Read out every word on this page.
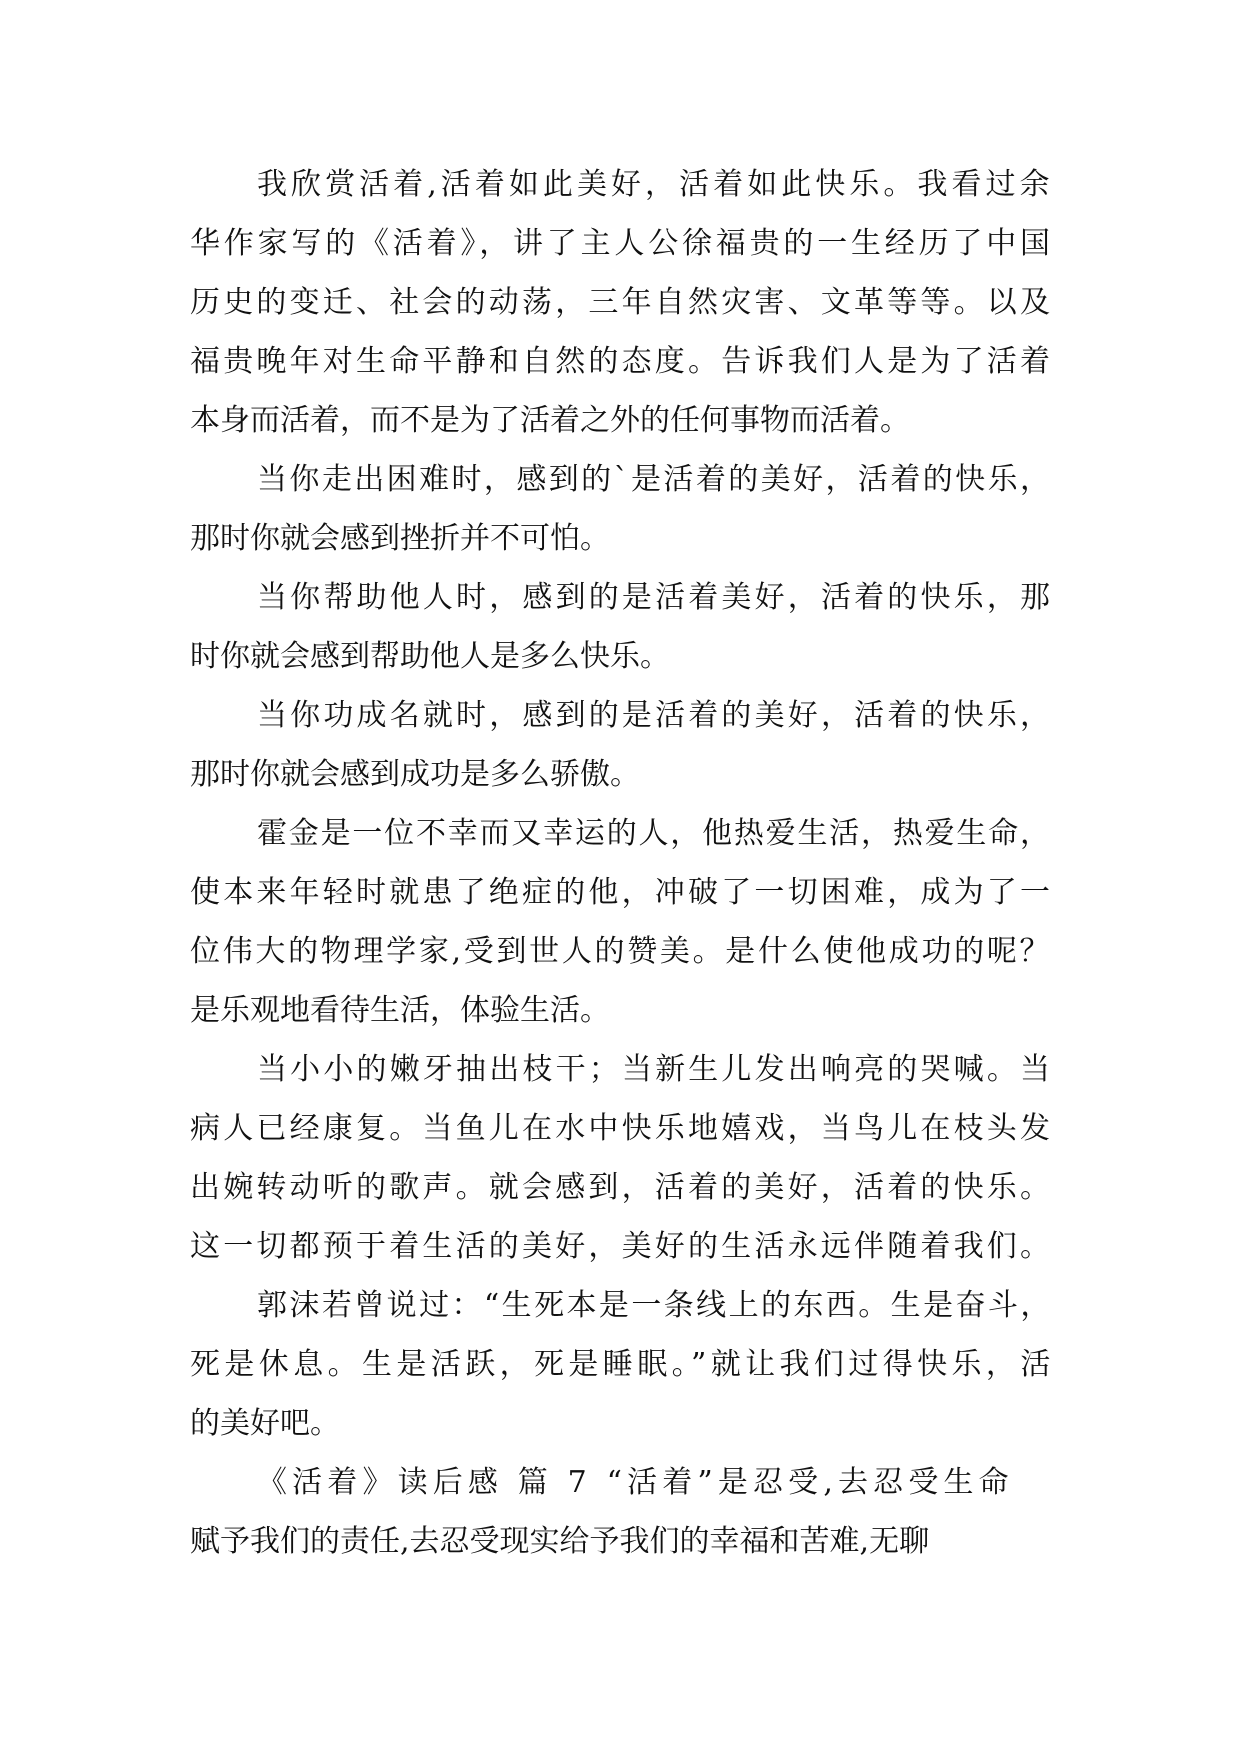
我欣赏活着,活着如此美好，活着如此快乐。我看过余
华作家写的《活着》，讲了主人公徐福贵的一生经历了中国
历史的变迁、社会的动荡，三年自然灾害、文革等等。以及
福贵晚年对生命平静和自然的态度。告诉我们人是为了活着
本身而活着，而不是为了活着之外的任何事物而活着。
当你走出困难时，感到的`是活着的美好，活着的快乐，
那时你就会感到挫折并不可怕。
当你帮助他人时，感到的是活着美好，活着的快乐，那
时你就会感到帮助他人是多么快乐。
当你功成名就时，感到的是活着的美好，活着的快乐，
那时你就会感到成功是多么骄傲。
霍金是一位不幸而又幸运的人，他热爱生活，热爱生命，
使本来年轻时就患了绝症的他，冲破了一切困难，成为了一
位伟大的物理学家,受到世人的赞美。是什么使他成功的呢？
是乐观地看待生活，体验生活。
当小小的嫩牙抽出枝干；当新生儿发出响亮的哭喊。当
病人已经康复。当鱼儿在水中快乐地嬉戏，当鸟儿在枝头发
出婉转动听的歌声。就会感到，活着的美好，活着的快乐。
这一切都预于着生活的美好，美好的生活永远伴随着我们。
郭沫若曾说过：“生死本是一条线上的东西。生是奋斗，
死是休息。生是活跃，死是睡眠。”就让我们过得快乐，活
的美好吧。
《活着》读后感 篇 7 “活着”是忍受,去忍受生命
赋予我们的责任,去忍受现实给予我们的幸福和苦难,无聊
